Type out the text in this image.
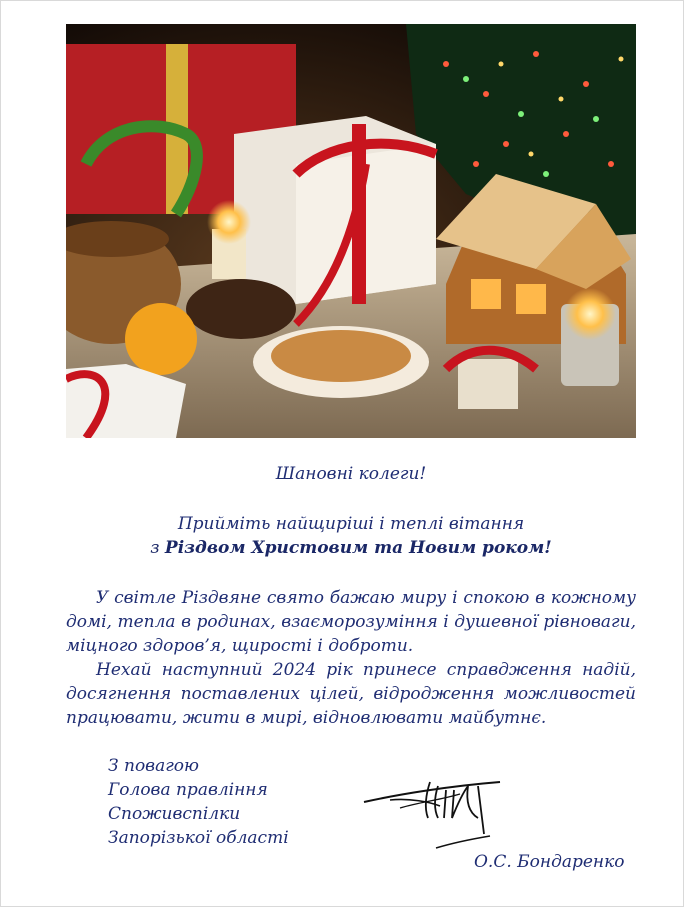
Шановні колеги!
Прийміть найщиріші і теплі вітання
з Різдвом Христовим та Новим роком!
У світле Різдвяне свято бажаю миру і спокою в кожному домі, тепла в родинах, взаєморозуміння і душевної рівноваги, міцного здоров’я, щирості і доброти.
Нехай наступний 2024 рік принесе справдження надій, досягнення поставлених цілей, відродження можливостей працювати, жити в мирі, відновлювати майбутнє.
З повагою
Голова правління
Споживспілки
Запорізької області
О.С. Бондаренко
